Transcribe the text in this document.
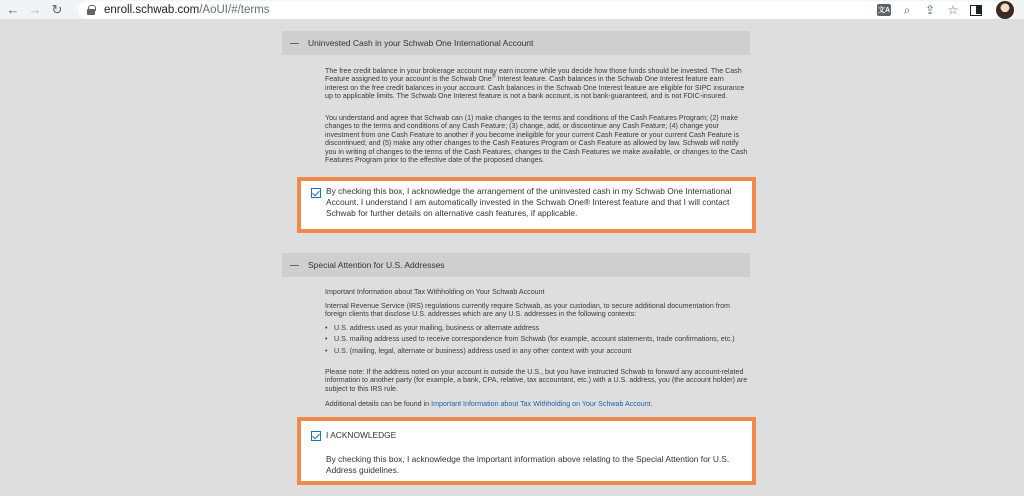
← → ↻	enroll.schwab.com /AoUI/#/terms	文A	⌕	⇪ ☆
Uninvested Cash in your Schwab One International Account
The free credit balance in your brokerage account may earn income while you decide how those funds should be invested. The Cash Feature assigned to your account is the Schwab One® Interest feature. Cash balances in the Schwab One Interest feature earn interest on the free credit balances in your account. Cash balances in the Schwab One Interest feature are eligible for SIPC insurance up to applicable limits. The Schwab One Interest feature is not a bank account, is not bank-guaranteed, and is not FDIC-insured.
You understand and agree that Schwab can (1) make changes to the terms and conditions of the Cash Features Program; (2) make changes to the terms and conditions of any Cash Feature; (3) change, add, or discontinue any Cash Feature; (4) change your investment from one Cash Feature to another if you become ineligible for your current Cash Feature or your current Cash Feature is discontinued; and (5) make any other changes to the Cash Features Program or Cash Feature as allowed by law. Schwab will notify you in writing of changes to the terms of the Cash Features, changes to the Cash Features we make available, or changes to the Cash Features Program prior to the effective date of the proposed changes.
By checking this box, I acknowledge the arrangement of the uninvested cash in my Schwab One International Account. I understand I am automatically invested in the Schwab One® Interest feature and that I will contact Schwab for further details on alternative cash features, if applicable.
Special Attention for U.S. Addresses
Important Information about Tax Withholding on Your Schwab Account
Internal Revenue Service (IRS) regulations currently require Schwab, as your custodian, to secure additional documentation from foreign clients that disclose U.S. addresses which are any U.S. addresses in the following contexts:
• U.S. address used as your mailing, business or alternate address
• U.S. mailing address used to receive correspondence from Schwab (for example, account statements, trade confirmations, etc.)
• U.S. (mailing, legal, alternate or business) address used in any other context with your account
Please note: If the address noted on your account is outside the U.S., but you have instructed Schwab to forward any account-related information to another party (for example, a bank, CPA, relative, tax accountant, etc.) with a U.S. address, you (the account holder) are subject to this IRS rule.
Additional details can be found in Important Information about Tax Withholding on Your Schwab Account.
I ACKNOWLEDGE
By checking this box, I acknowledge the important information above relating to the Special Attention for U.S. Address guidelines.
